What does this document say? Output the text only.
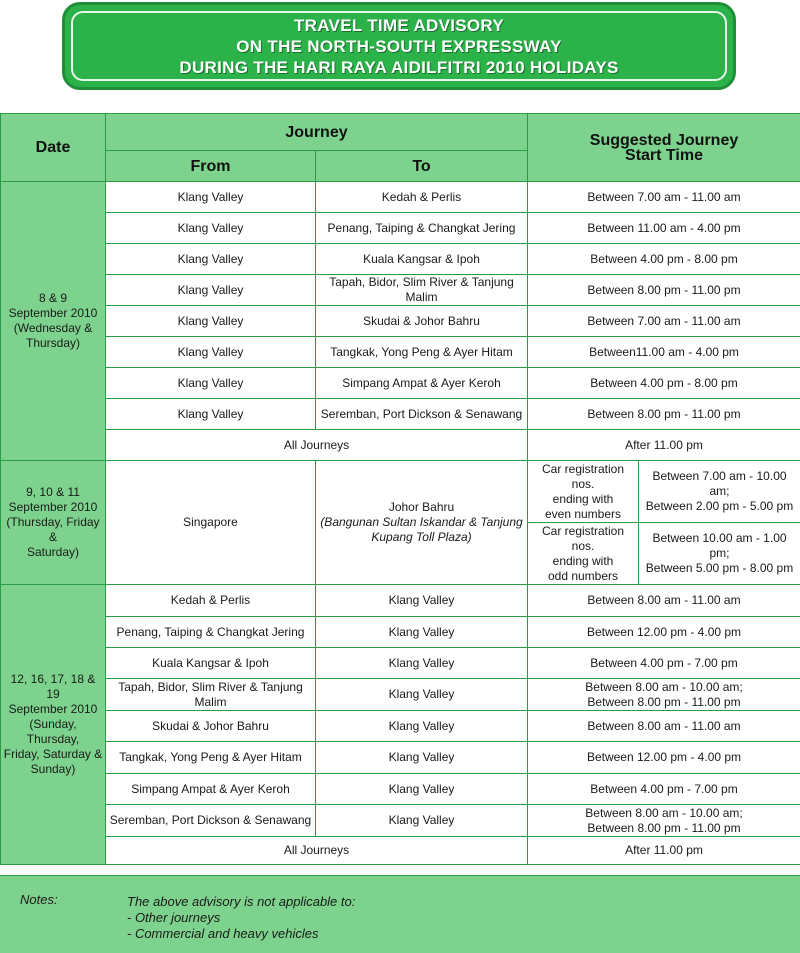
TRAVEL TIME ADVISORY
ON THE NORTH-SOUTH EXPRESSWAY
DURING THE HARI RAYA AIDILFITRI 2010 HOLIDAYS
Date	Journey		Suggested Journey
Start Time	
	From	To		
8 & 9
September 2010
(Wednesday &
Thursday)	Klang Valley	Kedah & Perlis	Between 7.00 am - 11.00 am	
	Klang Valley	Penang, Taiping & Changkat Jering	Between 11.00 am - 4.00 pm	
	Klang Valley	Kuala Kangsar & Ipoh	Between 4.00 pm - 8.00 pm	
	Klang Valley	Tapah, Bidor, Slim River & Tanjung Malim	Between 8.00 pm - 11.00 pm	
	Klang Valley	Skudai & Johor Bahru	Between 7.00 am - 11.00 am	
	Klang Valley	Tangkak, Yong Peng & Ayer Hitam	Between11.00 am - 4.00 pm	
	Klang Valley	Simpang Ampat & Ayer Keroh	Between 4.00 pm - 8.00 pm	
	Klang Valley	Seremban, Port Dickson & Senawang	Between 8.00 pm - 11.00 pm	
	All Journeys		After 11.00 pm	
9, 10 & 11
September 2010
(Thursday, Friday &
Saturday)	Singapore	Johor Bahru
(Bangunan Sultan Iskandar & Tanjung
Kupang Toll Plaza)	Car registration nos.
ending with
even numbers	Between 7.00 am - 10.00 am;
Between 2.00 pm - 5.00 pm
			Car registration nos.
ending with
odd numbers	Between 10.00 am - 1.00 pm;
Between 5.00 pm - 8.00 pm
12, 16, 17, 18 & 19
September 2010
(Sunday, Thursday,
Friday, Saturday &
Sunday)	Kedah & Perlis	Klang Valley	Between 8.00 am - 11.00 am	
	Penang, Taiping & Changkat Jering	Klang Valley	Between 12.00 pm - 4.00 pm	
	Kuala Kangsar & Ipoh	Klang Valley	Between 4.00 pm - 7.00 pm	
	Tapah, Bidor, Slim River & Tanjung Malim	Klang Valley	Between 8.00 am - 10.00 am;
Between 8.00 pm - 11.00 pm	
	Skudai & Johor Bahru	Klang Valley	Between 8.00 am - 11.00 am	
	Tangkak, Yong Peng & Ayer Hitam	Klang Valley	Between 12.00 pm - 4.00 pm	
	Simpang Ampat & Ayer Keroh	Klang Valley	Between 4.00 pm - 7.00 pm	
	Seremban, Port Dickson & Senawang	Klang Valley	Between 8.00 am - 10.00 am;
Between 8.00 pm - 11.00 pm	
	All Journeys		After 11.00 pm	
Notes:	The above advisory is not applicable to:
- Other journeys
- Commercial and heavy vehicles
